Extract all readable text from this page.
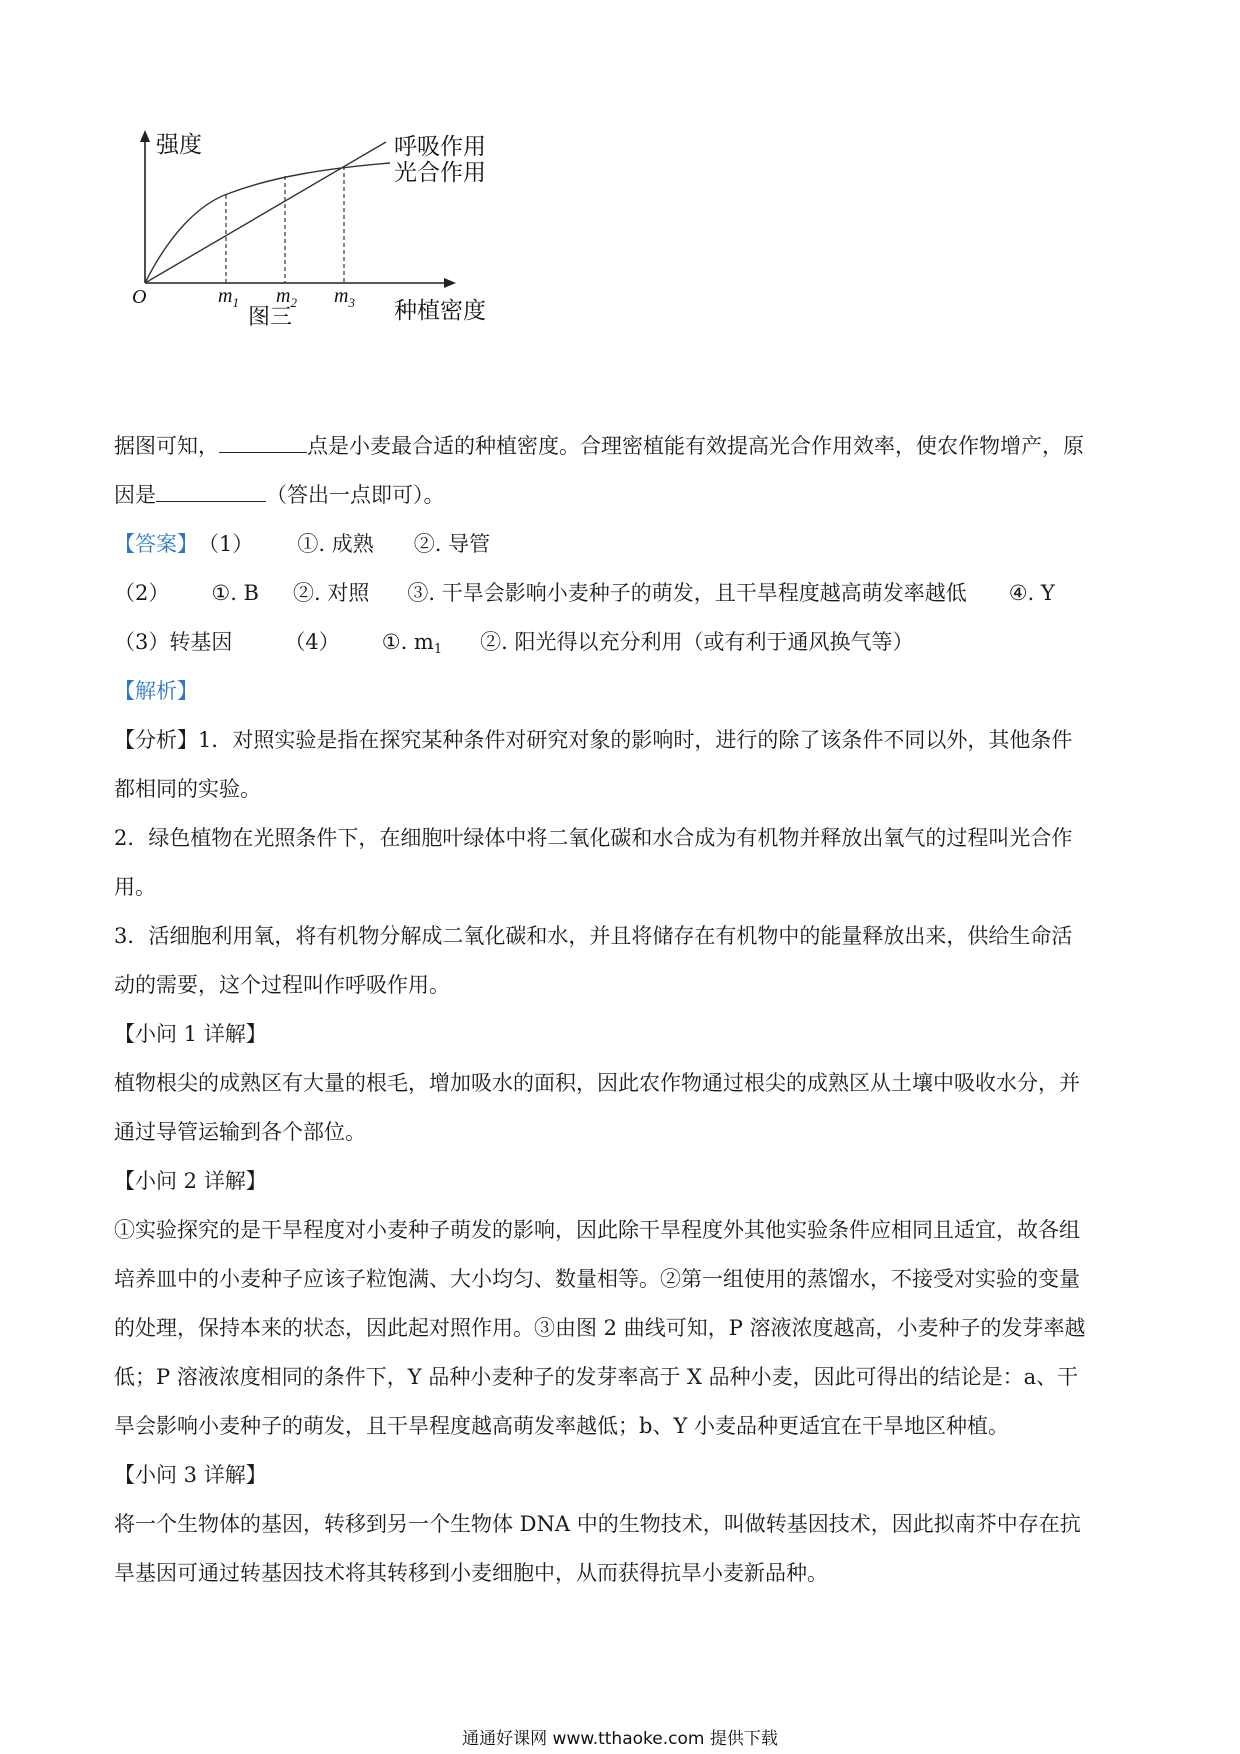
强度	呼吸作用
光合作用
O	$m_1$ $m_2$ $m_3$
图三	种植密度
据图可知，	点是小麦最合适的种植密度。合理密植能有效提高光合作用效率，使农作物增产，原
因是	（答出一点即可）。
【答案】（1） ①. 成熟 ②. 导管
（2） ①. B ②. 对照 ③. 干旱会影响小麦种子的萌发，且干旱程度越高萌发率越低 ④. Y
（3）转基因 （4） ①. m1 ②. 阳光得以充分利用（或有利于通风换气等）
【解析】
【分析】1．对照实验是指在探究某种条件对研究对象的影响时，进行的除了该条件不同以外，其他条件
都相同的实验。
2．绿色植物在光照条件下，在细胞叶绿体中将二氧化碳和水合成为有机物并释放出氧气的过程叫光合作
用。
3．活细胞利用氧，将有机物分解成二氧化碳和水，并且将储存在有机物中的能量释放出来，供给生命活
动的需要，这个过程叫作呼吸作用。
【小问 1 详解】
植物根尖的成熟区有大量的根毛，增加吸水的面积，因此农作物通过根尖的成熟区从土壤中吸收水分，并
通过导管运输到各个部位。
【小问 2 详解】
①实验探究的是干旱程度对小麦种子萌发的影响，因此除干旱程度外其他实验条件应相同且适宜，故各组
培养皿中的小麦种子应该子粒饱满、大小均匀、数量相等。②第一组使用的蒸馏水，不接受对实验的变量
的处理，保持本来的状态，因此起对照作用。③由图 2 曲线可知，P 溶液浓度越高，小麦种子的发芽率越
低；P 溶液浓度相同的条件下，Y 品种小麦种子的发芽率高于 X 品种小麦，因此可得出的结论是：a、干
旱会影响小麦种子的萌发，且干旱程度越高萌发率越低；b、Y 小麦品种更适宜在干旱地区种植。
【小问 3 详解】
将一个生物体的基因，转移到另一个生物体 DNA 中的生物技术，叫做转基因技术，因此拟南芥中存在抗
旱基因可通过转基因技术将其转移到小麦细胞中，从而获得抗旱小麦新品种。
通通好课网 www.tthaoke.com 提供下载
